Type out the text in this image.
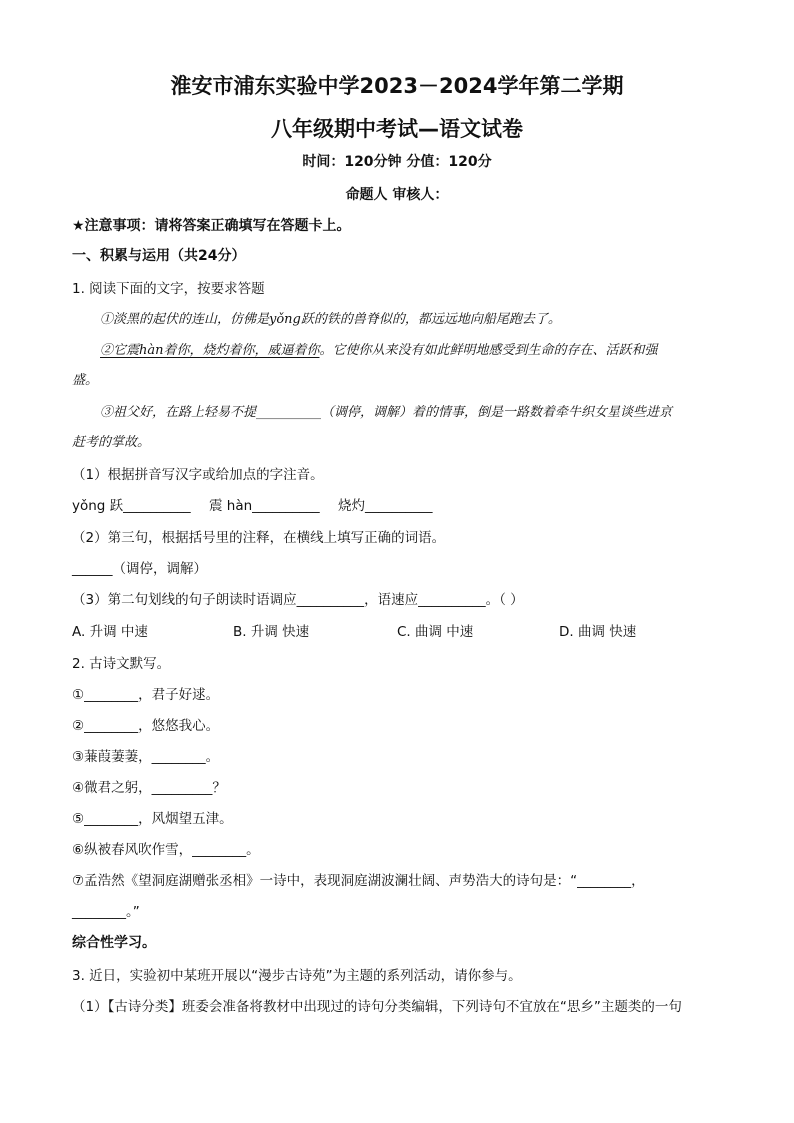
淮安市浦东实验中学2023－2024学年第二学期
八年级期中考试—语文试卷
时间：120分钟 分值：120分
命题人 审核人：
★注意事项：请将答案正确填写在答题卡上。
一、积累与运用（共24分）
1. 阅读下面的文字，按要求答题
①淡黑的起伏的连山，仿佛是yǒng跃的铁的兽脊似的，都远远地向船尾跑去了。
②它震hàn着你，烧灼着你，威逼着你。它使你从来没有如此鲜明地感受到生命的存在、活跃和强
盛。
③祖父好，在路上轻易不提__________（调停，调解）着的情事，倒是一路数着牵牛织女星谈些进京
赶考的掌故。
（1）根据拼音写汉字或给加点的字注音。
yǒng 跃__________ 震 hàn__________ 烧灼__________
（2）第三句，根据括号里的注释，在横线上填写正确的词语。
______（调停，调解）
（3）第二句划线的句子朗读时语调应__________，语速应__________。（ ）
A. 升调 中速	B. 升调 快速	C. 曲调 中速	D. 曲调 快速
2. 古诗文默写。
①________，君子好逑。
②________，悠悠我心。
③蒹葭萋萋，________。
④微君之躬，_________？
⑤________，风烟望五津。
⑥纵被春风吹作雪，________。
⑦孟浩然《望洞庭湖赠张丞相》一诗中，表现洞庭湖波澜壮阔、声势浩大的诗句是：“________，
________。”
综合性学习。
3. 近日，实验初中某班开展以“漫步古诗苑”为主题的系列活动，请你参与。
（1）【古诗分类】班委会准备将教材中出现过的诗句分类编辑，下列诗句不宜放在“思乡”主题类的一句
